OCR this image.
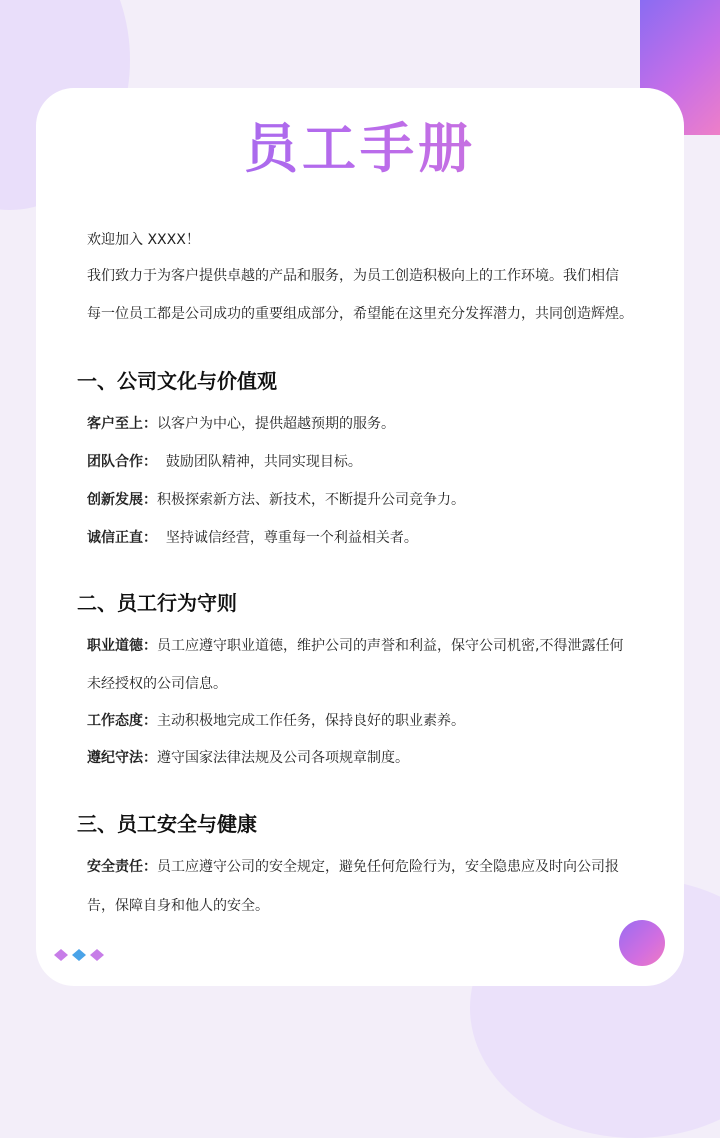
员工手册
欢迎加入 XXXX！
我们致力于为客户提供卓越的产品和服务，为员工创造积极向上的工作环境。我们相信
每一位员工都是公司成功的重要组成部分，希望能在这里充分发挥潜力，共同创造辉煌。
一、公司文化与价值观
客户至上：以客户为中心，提供超越预期的服务。
团队合作：  鼓励团队精神，共同实现目标。
创新发展：积极探索新方法、新技术，不断提升公司竞争力。
诚信正直：  坚持诚信经营，尊重每一个利益相关者。
二、员工行为守则
职业道德：员工应遵守职业道德，维护公司的声誉和利益，保守公司机密,不得泄露任何
未经授权的公司信息。
工作态度：主动积极地完成工作任务，保持良好的职业素养。
遵纪守法：遵守国家法律法规及公司各项规章制度。
三、员工安全与健康
安全责任：员工应遵守公司的安全规定，避免任何危险行为，安全隐患应及时向公司报
告，保障自身和他人的安全。
